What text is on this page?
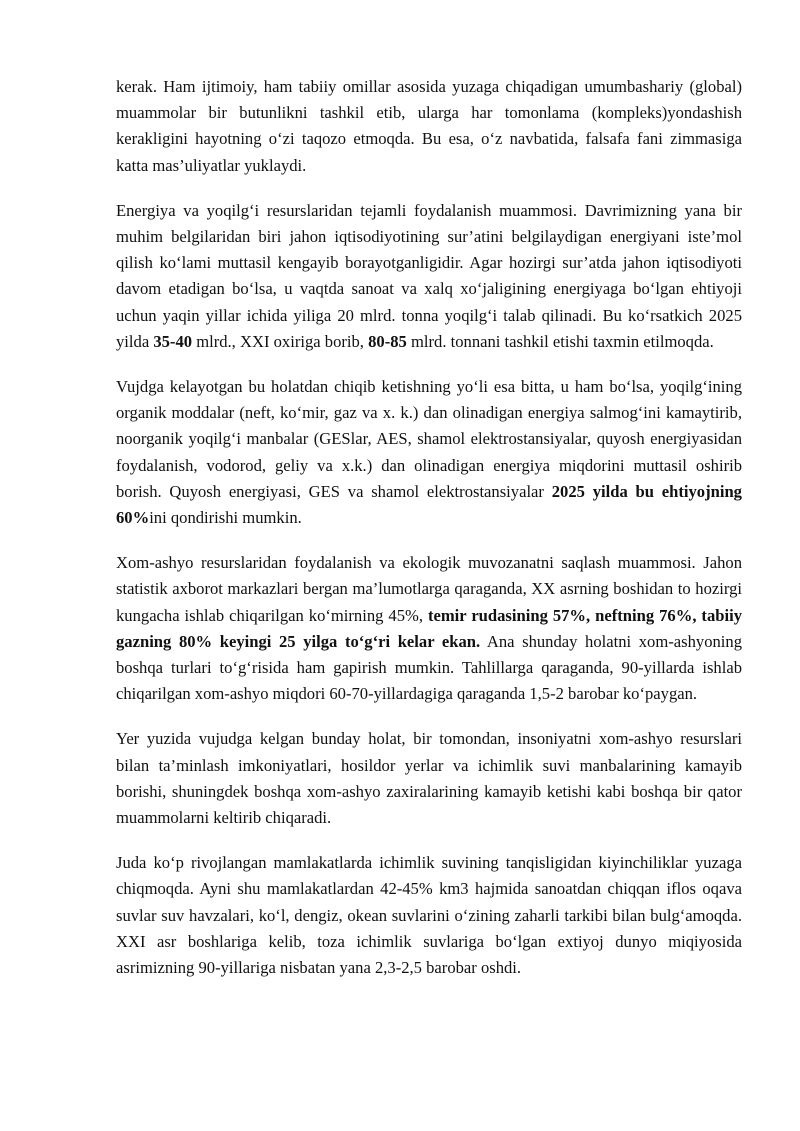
kerak. Ham ijtimoiy, ham tabiiy omillar asosida yuzaga chiqadigan umumbashariy (global) muammolar bir butunlikni tashkil etib, ularga har tomonlama (kompleks)yondashish kerakligini hayotning o‘zi taqozo etmoqda. Bu esa, o‘z navbatida, falsafa fani zimmasiga katta mas’uliyatlar yuklaydi.

Energiya va yoqilg‘i resurslaridan tejamli foydalanish muammosi. Davrimizning yana bir muhim belgilaridan biri jahon iqtisodiyotining sur’atini belgilaydigan energiyani iste’mol qilish ko‘lami muttasil kengayib borayotganligidir. Agar hozirgi sur’atda jahon iqtisodiyoti davom etadigan bo‘lsa, u vaqtda sanoat va xalq xo‘jaligining energiyaga bo‘lgan ehtiyoji uchun yaqin yillar ichida yiliga 20 mlrd. tonna yoqilg‘i talab qilinadi. Bu ko‘rsatkich 2025 yilda 35-40 mlrd., XXI oxiriga borib, 80-85 mlrd. tonnani tashkil etishi taxmin etilmoqda.

Vujdga kelayotgan bu holatdan chiqib ketishning yo‘li esa bitta, u ham bo‘lsa, yoqilg‘ining organik moddalar (neft, ko‘mir, gaz va x. k.) dan olinadigan energiya salmog‘ini kamaytirib, noorganik yoqilg‘i manbalar (GESlar, AES, shamol elektrostansiyalar, quyosh energiyasidan foydalanish, vodorod, geliy va x.k.) dan olinadigan energiya miqdorini muttasil oshirib borish. Quyosh energiyasi, GES va shamol elektrostansiyalar 2025 yilda bu ehtiyojning 60%ini qondirishi mumkin.

Xom-ashyo resurslaridan foydalanish va ekologik muvozanatni saqlash muammosi. Jahon statistik axborot markazlari bergan ma’lumotlarga qaraganda, XX asrning boshidan to hozirgi kungacha ishlab chiqarilgan ko‘mirning 45%, temir rudasining 57%, neftning 76%, tabiiy gazning 80% keyingi 25 yilga to‘g‘ri kelar ekan. Ana shunday holatni xom-ashyoning boshqa turlari to‘g‘risida ham gapirish mumkin. Tahlillarga qaraganda, 90-yillarda ishlab chiqarilgan xom-ashyo miqdori 60-70-yillardagiga qaraganda 1,5-2 barobar ko‘paygan.

Yer yuzida vujudga kelgan bunday holat, bir tomondan, insoniyatni xom-ashyo resurslari bilan ta’minlash imkoniyatlari, hosildor yerlar va ichimlik suvi manbalarining kamayib borishi, shuningdek boshqa xom-ashyo zaxiralarining kamayib ketishi kabi boshqa bir qator muammolarni keltirib chiqaradi.

Juda ko‘p rivojlangan mamlakatlarda ichimlik suvining tanqisligidan kiyinchiliklar yuzaga chiqmoqda. Ayni shu mamlakatlardan 42-45% km3 hajmida sanoatdan chiqqan iflos oqava suvlar suv havzalari, ko‘l, dengiz, okean suvlarini o‘zining zaharli tarkibi bilan bulg‘amoqda. XXI asr boshlariga kelib, toza ichimlik suvlariga bo‘lgan extiyoj dunyo miqiyosida asrimizning 90-yillariga nisbatan yana 2,3-2,5 barobar oshdi.
